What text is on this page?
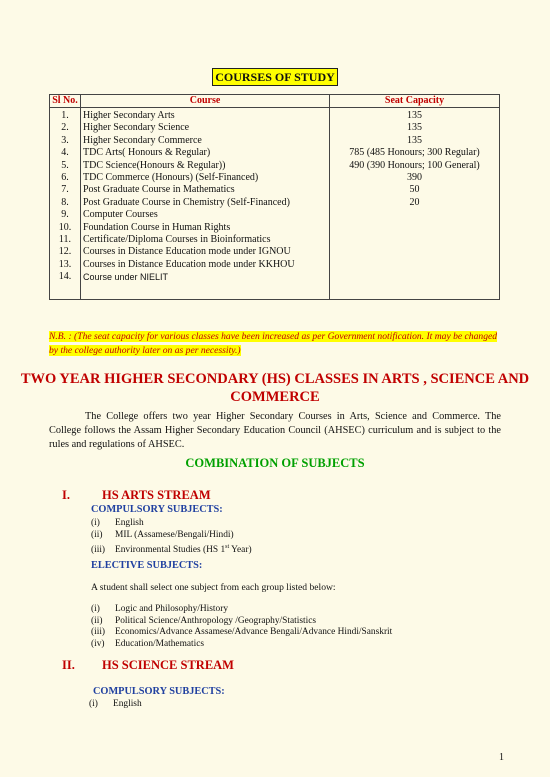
COURSES OF STUDY
Sl No.	Course	Seat Capacity
1.	Higher Secondary Arts	135
2.	Higher Secondary Science	135
3.	Higher Secondary Commerce	135
4.	TDC Arts( Honours & Regular)	785 (485 Honours; 300 Regular)
5.	TDC Science(Honours & Regular))	490 (390 Honours; 100 General)
6.	TDC Commerce (Honours) (Self-Financed)	390
7.	Post Graduate Course in Mathematics	50
8.	Post Graduate Course in Chemistry (Self-Financed)	20
9.	Computer Courses	
10.	Foundation Course in Human Rights	
11.	Certificate/Diploma Courses in Bioinformatics	
12.	Courses in Distance Education mode under IGNOU	
13.	Courses in Distance Education mode under KKHOU	
14.	Course under NIELIT	
N.B. : (The seat capacity for various classes have been increased as per Government notification. It may be changed by the college authority later on as per necessity.)
TWO YEAR HIGHER SECONDARY (HS) CLASSES IN ARTS , SCIENCE AND COMMERCE
The College offers two year Higher Secondary Courses in Arts, Science and Commerce. The College follows the Assam Higher Secondary Education Council (AHSEC) curriculum and is subject to the rules and regulations of AHSEC.
COMBINATION OF SUBJECTS
I.	HS ARTS STREAM
COMPULSORY SUBJECTS:
(i) English
(ii) MIL (Assamese/Bengali/Hindi)
(iii) Environmental Studies (HS 1st Year)
ELECTIVE SUBJECTS:
A student shall select one subject from each group listed below:
(i) Logic and Philosophy/History
(ii) Political Science/Anthropology /Geography/Statistics
(iii) Economics/Advance Assamese/Advance Bengali/Advance Hindi/Sanskrit
(iv) Education/Mathematics
II. HS SCIENCE STREAM
COMPULSORY SUBJECTS:
(i) English
1
